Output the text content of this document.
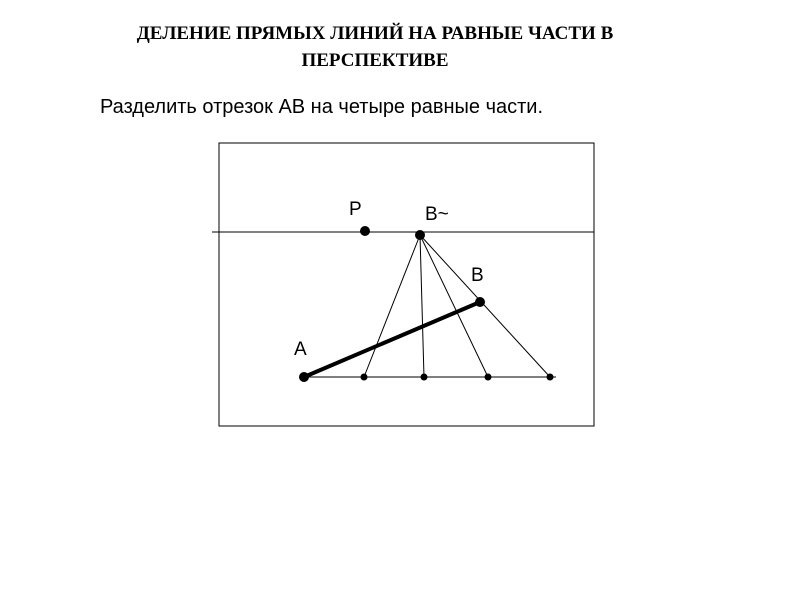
ДЕЛЕНИЕ ПРЯМЫХ ЛИНИЙ НА РАВНЫЕ ЧАСТИ В
ПЕРСПЕКТИВЕ
Разделить отрезок АВ на четыре равные части.
P	В~
В
А
